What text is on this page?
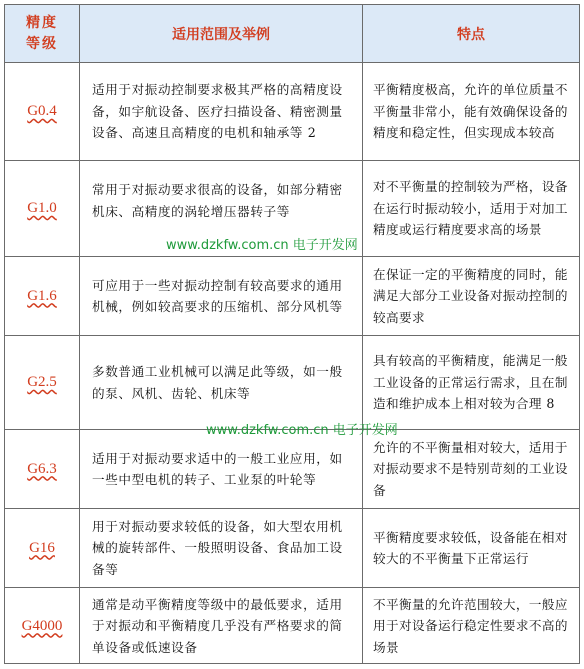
精度
等级
适用范围及举例	特点
G0.4
适用于对振动控制要求极其严格的高精度设备，如宇航设备、医疗扫描设备、精密测量设备、高速且高精度的电机和轴承等 2
平衡精度极高，允许的单位质量不平衡量非常小，能有效确保设备的精度和稳定性，但实现成本较高
G1.0
常用于对振动要求很高的设备，如部分精密机床、高精度的涡轮增压器转子等
对不平衡量的控制较为严格，设备在运行时振动较小，适用于对加工精度或运行精度要求高的场景
G1.6
可应用于一些对振动控制有较高要求的通用机械，例如较高要求的压缩机、部分风机等
在保证一定的平衡精度的同时，能满足大部分工业设备对振动控制的较高要求
G2.5
多数普通工业机械可以满足此等级，如一般的泵、风机、齿轮、机床等
具有较高的平衡精度，能满足一般工业设备的正常运行需求，且在制造和维护成本上相对较为合理 8
G6.3
适用于对振动要求适中的一般工业应用，如一些中型电机的转子、工业泵的叶轮等
允许的不平衡量相对较大，适用于对振动要求不是特别苛刻的工业设备
G16
用于对振动要求较低的设备，如大型农用机械的旋转部件、一般照明设备、食品加工设备等
平衡精度要求较低，设备能在相对较大的不平衡量下正常运行
G4000
通常是动平衡精度等级中的最低要求，适用于对振动和平衡精度几乎没有严格要求的简单设备或低速设备
不平衡量的允许范围较大，一般应用于对设备运行稳定性要求不高的场景
www.dzkfw.com.cn 电子开发网
www.dzkfw.com.cn 电子开发网
